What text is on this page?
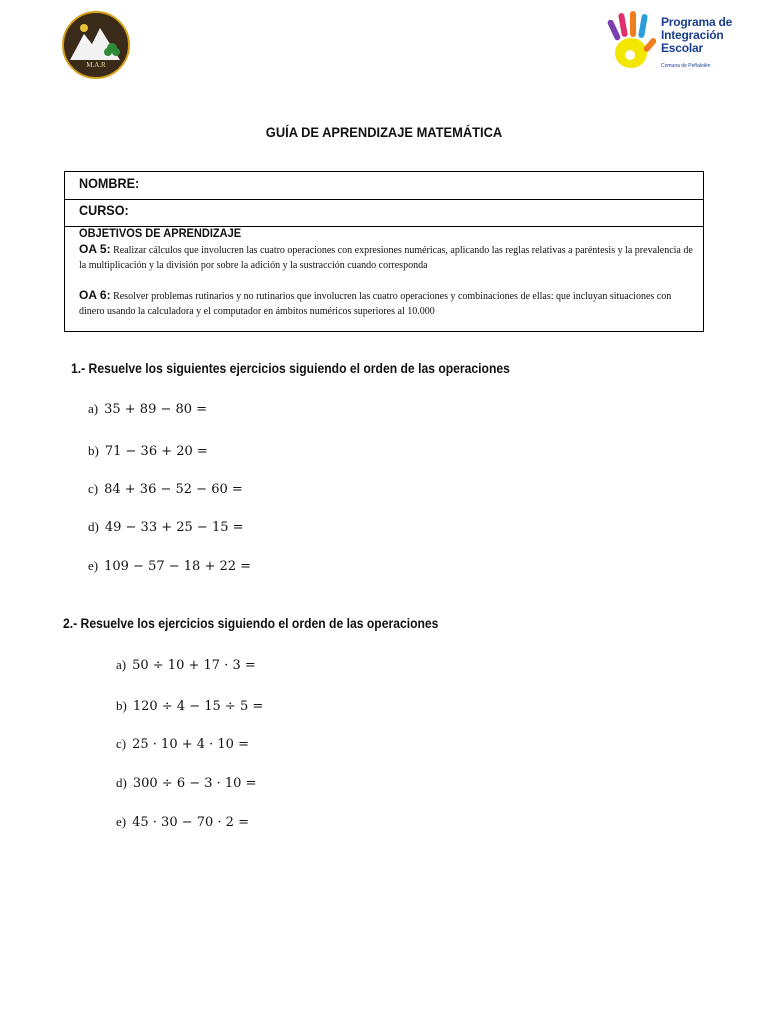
M.A.R
Programa de Integración Escolar
Comuna de Peñalolén
GUÍA DE APRENDIZAJE MATEMÁTICA
NOMBRE:
CURSO:
OBJETIVOS DE APRENDIZAJE
OA 5: Realizar cálculos que involucren las cuatro operaciones con expresiones numéricas, aplicando las reglas relativas a paréntesis y la prevalencia de la multiplicación y la división por sobre la adición y la sustracción cuando corresponda
OA 6: Resolver problemas rutinarios y no rutinarios que involucren las cuatro operaciones y combinaciones de ellas: que incluyan situaciones con dinero usando la calculadora y el computador en ámbitos numéricos superiores al 10.000
1.- Resuelve los siguientes ejercicios siguiendo el orden de las operaciones
a) 35 + 89 − 80 =
b) 71 − 36 + 20 =
c) 84 + 36 − 52 − 60 =
d) 49 − 33 + 25 − 15 =
e) 109 − 57 − 18 + 22 =
2.- Resuelve los ejercicios siguiendo el orden de las operaciones
a) 50 ÷ 10 + 17 · 3 =
b) 120 ÷ 4 − 15 ÷ 5 =
c) 25 · 10 + 4 · 10 =
d) 300 ÷ 6 − 3 · 10 =
e) 45 · 30 − 70 · 2 =
